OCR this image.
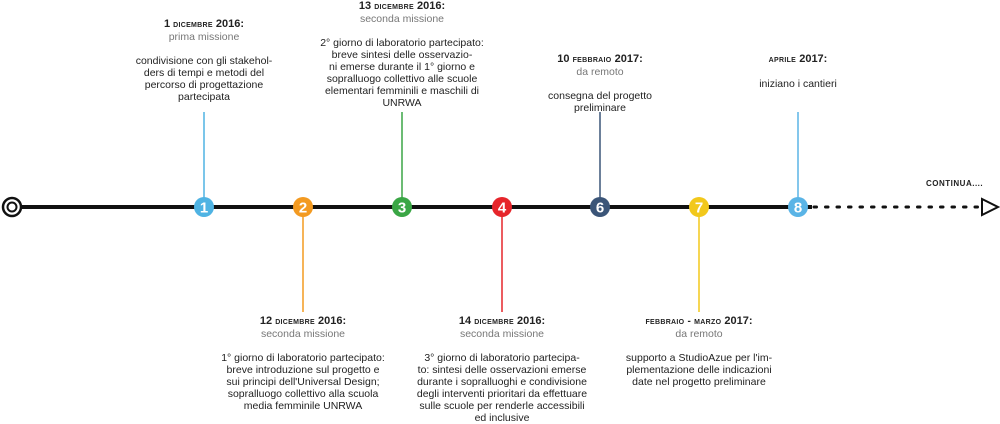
1	2	3	4	6	7	8
1 dicembre 2016:
prima missione
condivisione con gli stakehol-
ders di tempi e metodi del
percorso di progettazione
partecipata
12 dicembre 2016:
seconda missione
1° giorno di laboratorio partecipato:
breve introduzione sul progetto e
sui principi dell'Universal Design;
sopralluogo collettivo alla scuola
media femminile UNRWA
13 dicembre 2016:
seconda missione
2° giorno di laboratorio partecipato:
breve sintesi delle osservazio-
ni emerse durante il 1° giorno e
sopralluogo collettivo alle scuole
elementari femminili e maschili di
UNRWA
14 dicembre 2016:
seconda missione
3° giorno di laboratorio partecipa-
to: sintesi delle osservazioni emerse
durante i sopralluoghi e condivisione
degli interventi prioritari da effettuare
sulle scuole per renderle accessibili
ed inclusive
10 febbraio 2017:
da remoto
consegna del progetto
preliminare
febbraio - marzo 2017:
da remoto
supporto a StudioAzue per l'im-
plementazione delle indicazioni
date nel progetto preliminare
aprile 2017:
iniziano i cantieri
CONTINUA....
